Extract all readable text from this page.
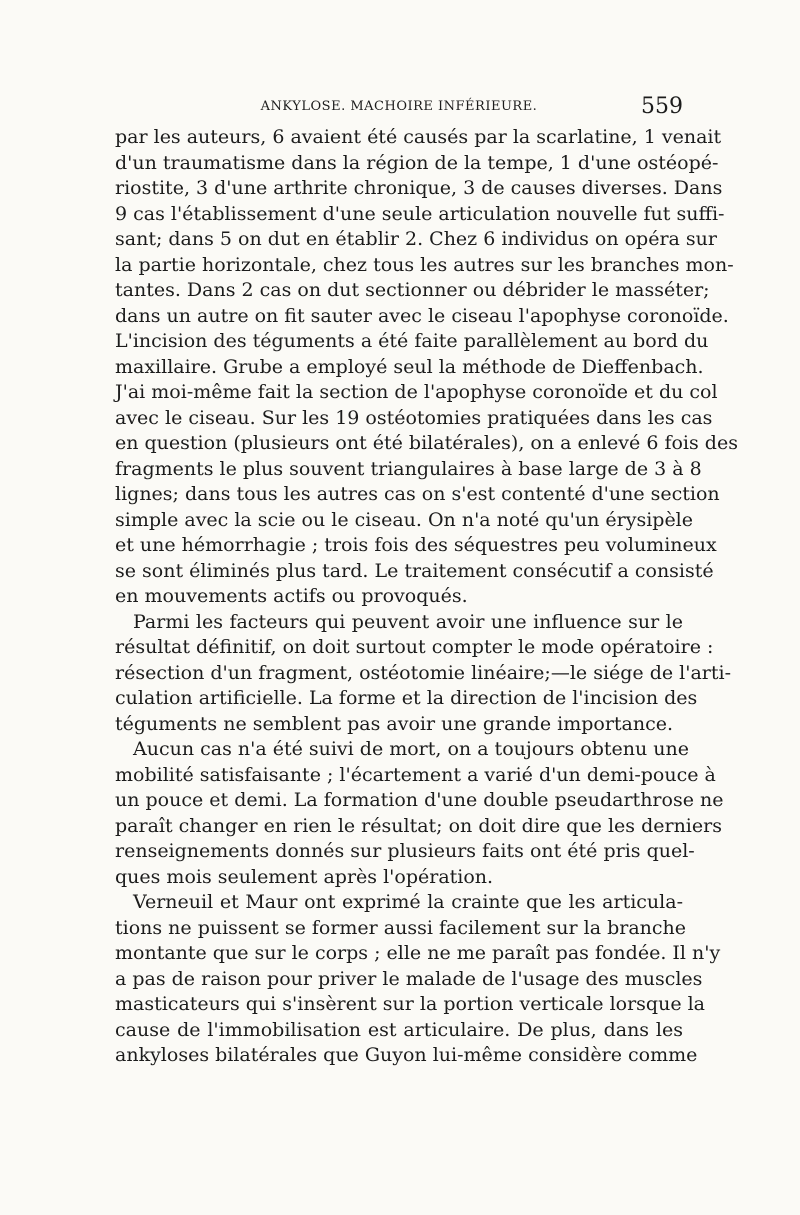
ANKYLOSE. MACHOIRE INFÉRIEURE.	559
par les auteurs, 6 avaient été causés par la scarlatine, 1 venait
d'un traumatisme dans la région de la tempe, 1 d'une ostéopé-
riostite, 3 d'une arthrite chronique, 3 de causes diverses. Dans
9 cas l'établissement d'une seule articulation nouvelle fut suffi-
sant; dans 5 on dut en établir 2. Chez 6 individus on opéra sur
la partie horizontale, chez tous les autres sur les branches mon-
tantes. Dans 2 cas on dut sectionner ou débrider le masséter;
dans un autre on fit sauter avec le ciseau l'apophyse coronoïde.
L'incision des téguments a été faite parallèlement au bord du
maxillaire. Grube a employé seul la méthode de Dieffenbach.
J'ai moi-même fait la section de l'apophyse coronoïde et du col
avec le ciseau. Sur les 19 ostéotomies pratiquées dans les cas
en question (plusieurs ont été bilatérales), on a enlevé 6 fois des
fragments le plus souvent triangulaires à base large de 3 à 8
lignes; dans tous les autres cas on s'est contenté d'une section
simple avec la scie ou le ciseau. On n'a noté qu'un érysipèle
et une hémorrhagie ; trois fois des séquestres peu volumineux
se sont éliminés plus tard. Le traitement consécutif a consisté
en mouvements actifs ou provoqués.
Parmi les facteurs qui peuvent avoir une influence sur le
résultat définitif, on doit surtout compter le mode opératoire :
résection d'un fragment, ostéotomie linéaire;—le siége de l'arti-
culation artificielle. La forme et la direction de l'incision des
téguments ne semblent pas avoir une grande importance.
Aucun cas n'a été suivi de mort, on a toujours obtenu une
mobilité satisfaisante ; l'écartement a varié d'un demi-pouce à
un pouce et demi. La formation d'une double pseudarthrose ne
paraît changer en rien le résultat; on doit dire que les derniers
renseignements donnés sur plusieurs faits ont été pris quel-
ques mois seulement après l'opération.
Verneuil et Maur ont exprimé la crainte que les articula-
tions ne puissent se former aussi facilement sur la branche
montante que sur le corps ; elle ne me paraît pas fondée. Il n'y
a pas de raison pour priver le malade de l'usage des muscles
masticateurs qui s'insèrent sur la portion verticale lorsque la
cause de l'immobilisation est articulaire. De plus, dans les
ankyloses bilatérales que Guyon lui-même considère comme
